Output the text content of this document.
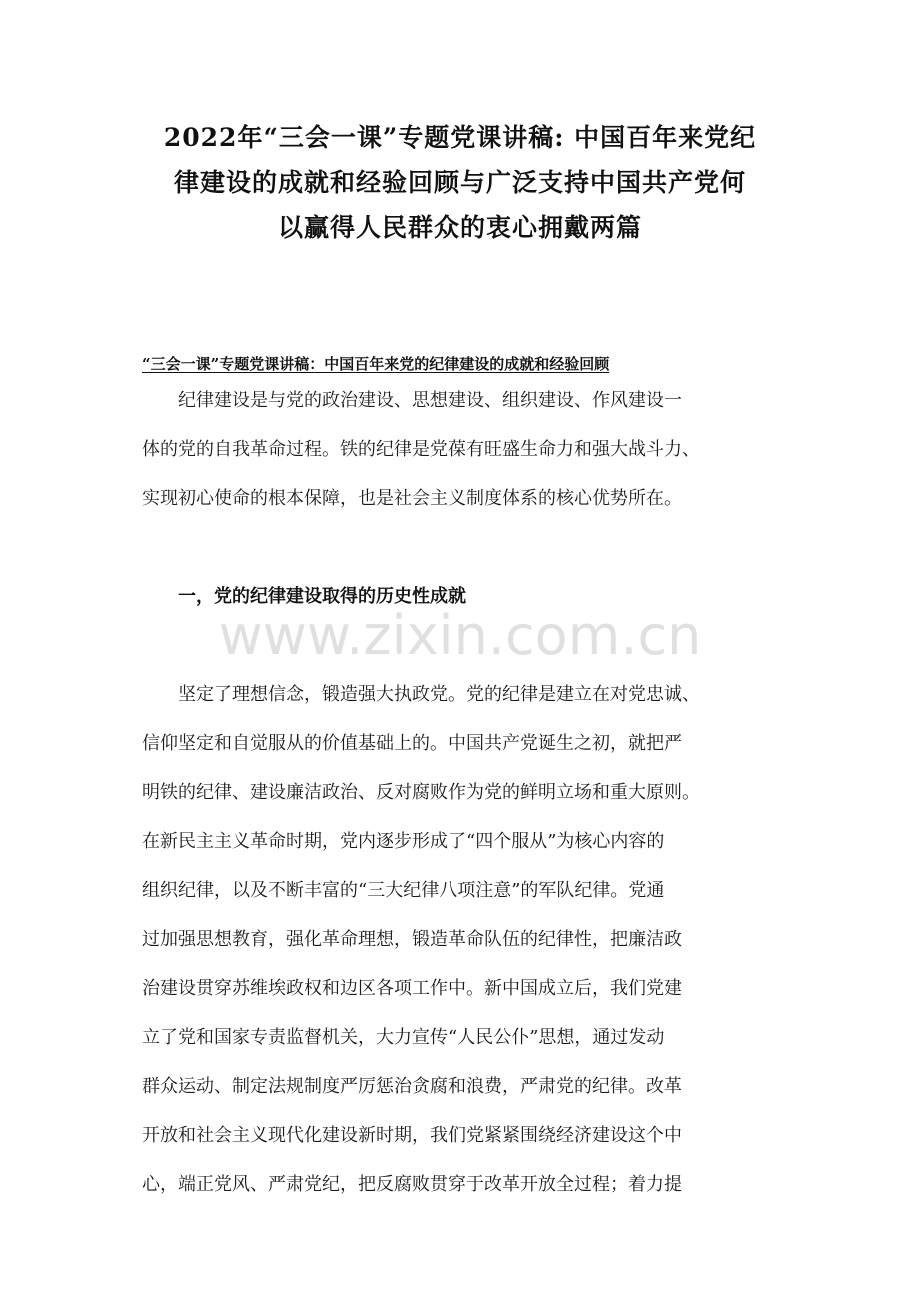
2022年“三会一课”专题党课讲稿: 中国百年来党纪
律建设的成就和经验回顾与广泛支持中国共产党何
以赢得人民群众的衷心拥戴两篇
“三会一课”专题党课讲稿：中国百年来党的纪律建设的成就和经验回顾
纪律建设是与党的政治建设、思想建设、组织建设、作风建设一
体的党的自我革命过程。铁的纪律是党葆有旺盛生命力和强大战斗力、
实现初心使命的根本保障，也是社会主义制度体系的核心优势所在。
一，党的纪律建设取得的历史性成就
www.zixin.com.cn
坚定了理想信念，锻造强大执政党。党的纪律是建立在对党忠诚、
信仰坚定和自觉服从的价值基础上的。中国共产党诞生之初，就把严
明铁的纪律、建设廉洁政治、反对腐败作为党的鲜明立场和重大原则。
在新民主主义革命时期，党内逐步形成了“四个服从”为核心内容的
组织纪律，以及不断丰富的“三大纪律八项注意”的军队纪律。党通
过加强思想教育，强化革命理想，锻造革命队伍的纪律性，把廉洁政
治建设贯穿苏维埃政权和边区各项工作中。新中国成立后，我们党建
立了党和国家专责监督机关，大力宣传“人民公仆”思想，通过发动
群众运动、制定法规制度严厉惩治贪腐和浪费，严肃党的纪律。改革
开放和社会主义现代化建设新时期，我们党紧紧围绕经济建设这个中
心，端正党风、严肃党纪，把反腐败贯穿于改革开放全过程；着力提
